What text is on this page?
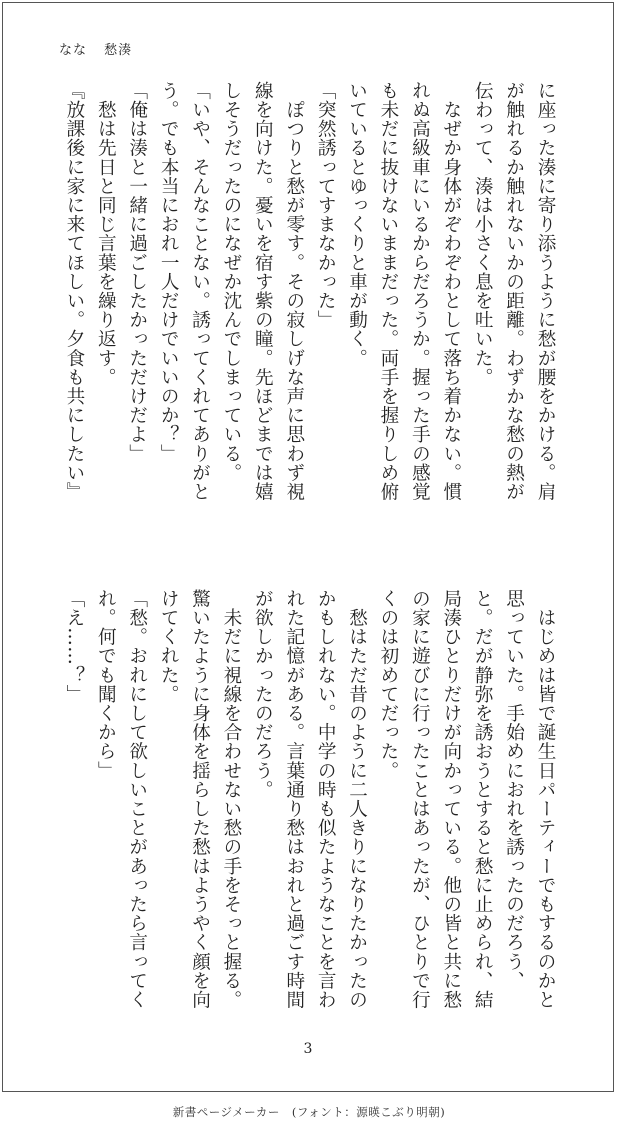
なな 愁湊

に座った湊に寄り添うように愁が腰をかける。肩が触れるか触れないかの距離。わずかな愁の熱が伝わって、湊は小さく息を吐いた。

　なぜか身体がぞわぞわとして落ち着かない。慣れぬ高級車にいるからだろうか。握った手の感覚も未だに抜けないままだった。両手を握りしめ俯いているとゆっくりと車が動く。

「突然誘ってすまなかった」

　ぽつりと愁が零す。その寂しげな声に思わず視線を向けた。憂いを宿す紫の瞳。先ほどまでは嬉しそうだったのになぜか沈んでしまっている。

「いや、そんなことない。誘ってくれてありがとう。でも本当におれ一人だけでいいのか？」

「俺は湊と一緒に過ごしたかっただけだよ」

　愁は先日と同じ言葉を繰り返す。

『放課後に家に来てほしい。夕食も共にしたい』

　はじめは皆で誕生日パーティーでもするのかと思っていた。手始めにおれを誘ったのだろう、と。だが静弥を誘おうとすると愁に止められ、結局湊ひとりだけが向かっている。他の皆と共に愁の家に遊びに行ったことはあったが、ひとりで行くのは初めてだった。

　愁はただ昔のように二人きりになりたかったのかもしれない。中学の時も似たようなことを言われた記憶がある。言葉通り愁はおれと過ごす時間が欲しかったのだろう。

　未だに視線を合わせない愁の手をそっと握る。驚いたように身体を揺らした愁はようやく顔を向けてくれた。

「愁。おれにして欲しいことがあったら言ってくれ。何でも聞くから」

「え……？」

3
新書ページメーカー　(フォント：源暎こぶり明朝)
